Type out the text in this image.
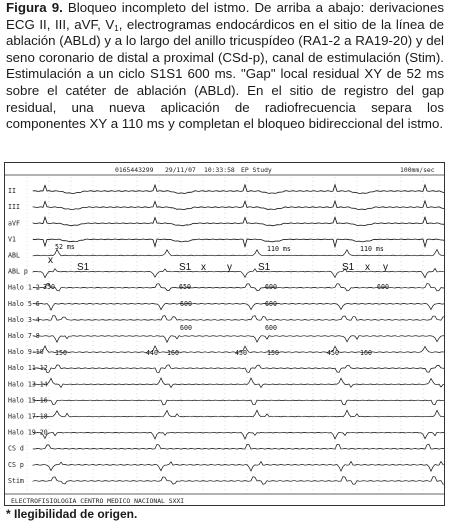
Figura 9. Bloqueo incompleto del istmo. De arriba a abajo: derivaciones ECG II, III, aVF, $V_1$, electrogramas endocárdicos en el sitio de la línea de ablación (ABLd) y a lo largo del anillo tricuspídeo (RA1-2 a RA19-20) y del seno coronario de distal a proximal (CSd-p), canal de estimulación (Stim). Estimulación a un ciclo S1S1 600 ms. "Gap" local residual XY de 52 ms sobre el catéter de ablación (ABLd). En el sitio de registro del gap residual, una nueva aplicación de radiofrecuencia separa los componentes XY a 110 ms y completan el bloqueo bidireccional del istmo.
0165443299 29/11/07 10:33:58 EP Study	100mm/sec
II
III
aVF
V1
ABL
ABL p
Halo 1-2
Halo 5-6
Halo 3-4
Halo 7-8
Halo 9-10
Halo 11-12
Halo 13-14
Halo 15-16
Halo 17-18
Halo 19-20
CS d
CS p
Stim
52 ms	110 ms	110 ms
S1	S1	S1	S1
x
x y	x y
350	650	600	600
600	600
600	600
150	440 160	450	150	450	160
ELECTROFISIOLOGIA CENTRO MEDICO NACIONAL SXXI
* Ilegibilidad de origen.
